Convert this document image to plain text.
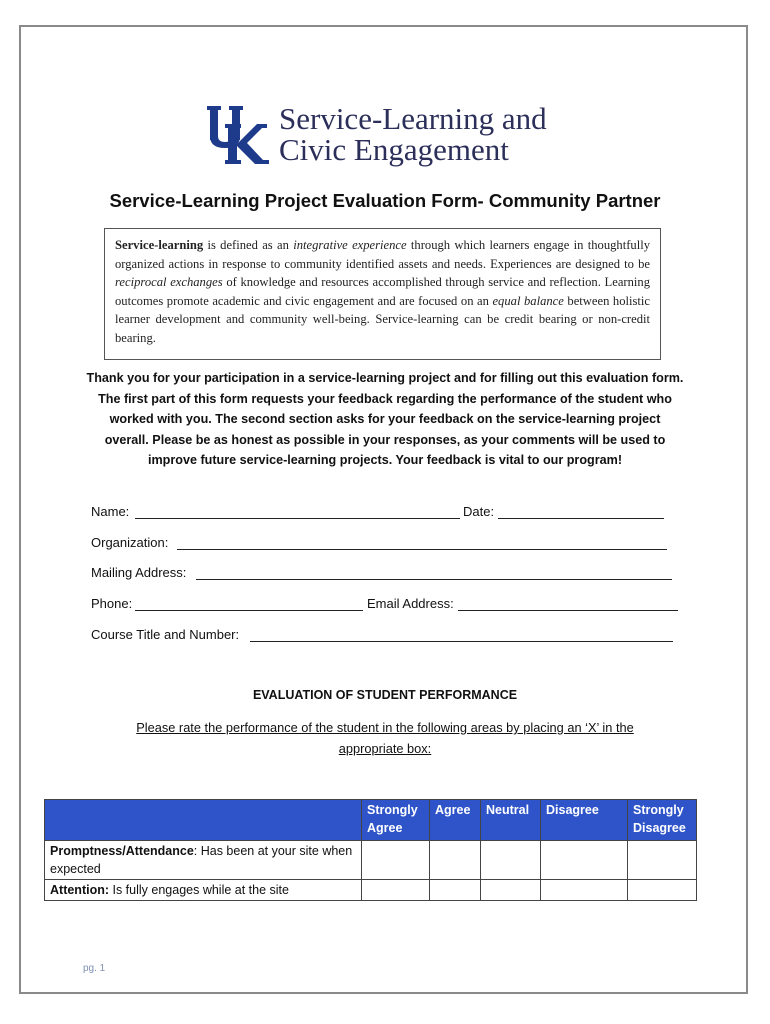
Service-Learning and
Civic Engagement
Service-Learning Project Evaluation Form- Community Partner
Service-learning is defined as an integrative experience through which learners engage in thoughtfully organized actions in response to community identified assets and needs. Experiences are designed to be reciprocal exchanges of knowledge and resources accomplished through service and reflection. Learning outcomes promote academic and civic engagement and are focused on an equal balance between holistic learner development and community well-being. Service-learning can be credit bearing or non-credit bearing.
Thank you for your participation in a service-learning project and for filling out this evaluation form. The first part of this form requests your feedback regarding the performance of the student who worked with you. The second section asks for your feedback on the service-learning project overall. Please be as honest as possible in your responses, as your comments will be used to improve future service-learning projects. Your feedback is vital to our program!
Name:	Date:
Organization:
Mailing Address:
Phone:	Email Address:
Course Title and Number:
EVALUATION OF STUDENT PERFORMANCE
Please rate the performance of the student in the following areas by placing an ‘X’ in the appropriate box:
	Strongly Agree	Agree	Neutral	Disagree	Strongly Disagree
Promptness/Attendance: Has been at your site when expected					
Attention: Is fully engages while at the site					
pg. 1
